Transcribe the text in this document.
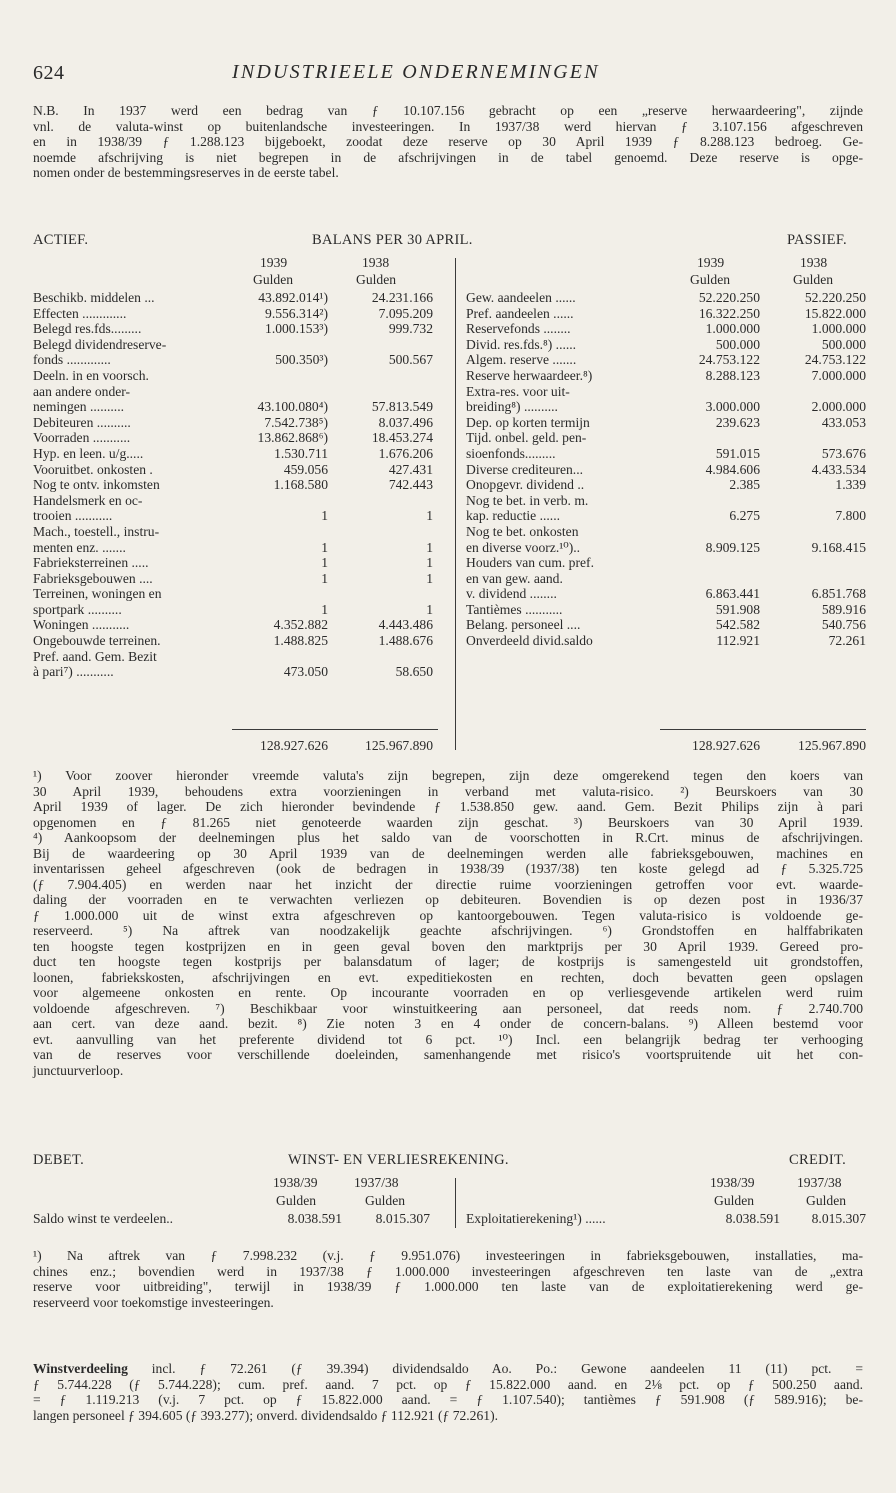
624	INDUSTRIEELE ONDERNEMINGEN
N.B. In 1937 werd een bedrag van ƒ 10.107.156 gebracht op een „reserve herwaardeering", zijnde
vnl. de valuta-winst op buitenlandsche investeeringen. In 1937/38 werd hiervan ƒ 3.107.156 afgeschreven
en in 1938/39 ƒ 1.288.123 bijgeboekt, zoodat deze reserve op 30 April 1939 ƒ 8.288.123 bedroeg. Ge-
noemde afschrijving is niet begrepen in de afschrijvingen in de tabel genoemd. Deze reserve is opge-
nomen onder de bestemmingsreserves in de eerste tabel.
ACTIEF.	BALANS PER 30 APRIL.	PASSIEF.
1939	1938
Gulden	Gulden
1939	1938
Gulden	Gulden
Beschikb. middelen ...	43.892.014¹)	24.231.166
Effecten .............	9.556.314²)	7.095.209
Belegd res.fds.........	1.000.153³)	999.732
Belegd dividendreserve-
fonds .............	500.350³)	500.567
Deeln. in en voorsch.
aan andere onder-
nemingen ..........	43.100.080⁴)	57.813.549
Debiteuren ..........	7.542.738⁵)	8.037.496
Voorraden ...........	13.862.868⁶)	18.453.274
Hyp. en leen. u/g.....	1.530.711	1.676.206
Vooruitbet. onkosten .	459.056	427.431
Nog te ontv. inkomsten	1.168.580	742.443
Handelsmerk en oc-
trooien ...........	1	1
Mach., toestell., instru-
menten enz. .......	1	1
Fabrieksterreinen .....	1	1
Fabrieksgebouwen ....	1	1
Terreinen, woningen en
sportpark ..........	1	1
Woningen ...........	4.352.882	4.443.486
Ongebouwde terreinen.	1.488.825	1.488.676
Pref. aand. Gem. Bezit
à pari⁷) ...........	473.050	58.650
Gew. aandeelen ......	52.220.250	52.220.250
Pref. aandeelen ......	16.322.250	15.822.000
Reservefonds ........	1.000.000	1.000.000
Divid. res.fds.⁸) ......	500.000	500.000
Algem. reserve .......	24.753.122	24.753.122
Reserve herwaardeer.⁸)	8.288.123	7.000.000
Extra-res. voor uit-
breiding⁸) ..........	3.000.000	2.000.000
Dep. op korten termijn	239.623	433.053
Tijd. onbel. geld. pen-
sioenfonds.........	591.015	573.676
Diverse crediteuren...	4.984.606	4.433.534
Onopgevr. dividend ..	2.385	1.339
Nog te bet. in verb. m.
kap. reductie ......	6.275	7.800
Nog te bet. onkosten
en diverse voorz.¹⁰)..	8.909.125	9.168.415
Houders van cum. pref.
en van gew. aand.
v. dividend ........	6.863.441	6.851.768
Tantièmes ...........	591.908	589.916
Belang. personeel ....	542.582	540.756
Onverdeeld divid.saldo	112.921	72.261
128.927.626	125.967.890	128.927.626	125.967.890
¹) Voor zoover hieronder vreemde valuta's zijn begrepen, zijn deze omgerekend tegen den koers van
30 April 1939, behoudens extra voorzieningen in verband met valuta-risico. ²) Beurskoers van 30
April 1939 of lager. De zich hieronder bevindende ƒ 1.538.850 gew. aand. Gem. Bezit Philips zijn à pari
opgenomen en ƒ 81.265 niet genoteerde waarden zijn geschat. ³) Beurskoers van 30 April 1939.
⁴) Aankoopsom der deelnemingen plus het saldo van de voorschotten in R.Crt. minus de afschrijvingen.
Bij de waardeering op 30 April 1939 van de deelnemingen werden alle fabrieksgebouwen, machines en
inventarissen geheel afgeschreven (ook de bedragen in 1938/39 (1937/38) ten koste gelegd ad ƒ 5.325.725
(ƒ 7.904.405) en werden naar het inzicht der directie ruime voorzieningen getroffen voor evt. waarde-
daling der voorraden en te verwachten verliezen op debiteuren. Bovendien is op dezen post in 1936/37
ƒ 1.000.000 uit de winst extra afgeschreven op kantoorgebouwen. Tegen valuta-risico is voldoende ge-
reserveerd. ⁵) Na aftrek van noodzakelijk geachte afschrijvingen. ⁶) Grondstoffen en halffabrikaten
ten hoogste tegen kostprijzen en in geen geval boven den marktprijs per 30 April 1939. Gereed pro-
duct ten hoogste tegen kostprijs per balansdatum of lager; de kostprijs is samengesteld uit grondstoffen,
loonen, fabriekskosten, afschrijvingen en evt. expeditiekosten en rechten, doch bevatten geen opslagen
voor algemeene onkosten en rente. Op incourante voorraden en op verliesgevende artikelen werd ruim
voldoende afgeschreven. ⁷) Beschikbaar voor winstuitkeering aan personeel, dat reeds nom. ƒ 2.740.700
aan cert. van deze aand. bezit. ⁸) Zie noten 3 en 4 onder de concern-balans. ⁹) Alleen bestemd voor
evt. aanvulling van het preferente dividend tot 6 pct. ¹⁰) Incl. een belangrijk bedrag ter verhooging
van de reserves voor verschillende doeleinden, samenhangende met risico's voortspruitende uit het con-
junctuurverloop.
DEBET.	WINST- EN VERLIESREKENING.	CREDIT.
1938/39	1937/38
Gulden	Gulden
Saldo winst te verdeelen..	8.038.591	8.015.307
1938/39	1937/38
Gulden	Gulden
Exploitatierekening¹) ......	8.038.591	8.015.307
¹) Na aftrek van ƒ 7.998.232 (v.j. ƒ 9.951.076) investeeringen in fabrieksgebouwen, installaties, ma-
chines enz.; bovendien werd in 1937/38 ƒ 1.000.000 investeeringen afgeschreven ten laste van de „extra
reserve voor uitbreiding", terwijl in 1938/39 ƒ 1.000.000 ten laste van de exploitatierekening werd ge-
reserveerd voor toekomstige investeeringen.
Winstverdeeling incl. ƒ 72.261 (ƒ 39.394) dividendsaldo Ao. Po.: Gewone aandeelen 11 (11) pct. =
ƒ 5.744.228 (ƒ 5.744.228); cum. pref. aand. 7 pct. op ƒ 15.822.000 aand. en 2⅛ pct. op ƒ 500.250 aand.
= ƒ 1.119.213 (v.j. 7 pct. op ƒ 15.822.000 aand. = ƒ 1.107.540); tantièmes ƒ 591.908 (ƒ 589.916); be-
langen personeel ƒ 394.605 (ƒ 393.277); onverd. dividendsaldo ƒ 112.921 (ƒ 72.261).
